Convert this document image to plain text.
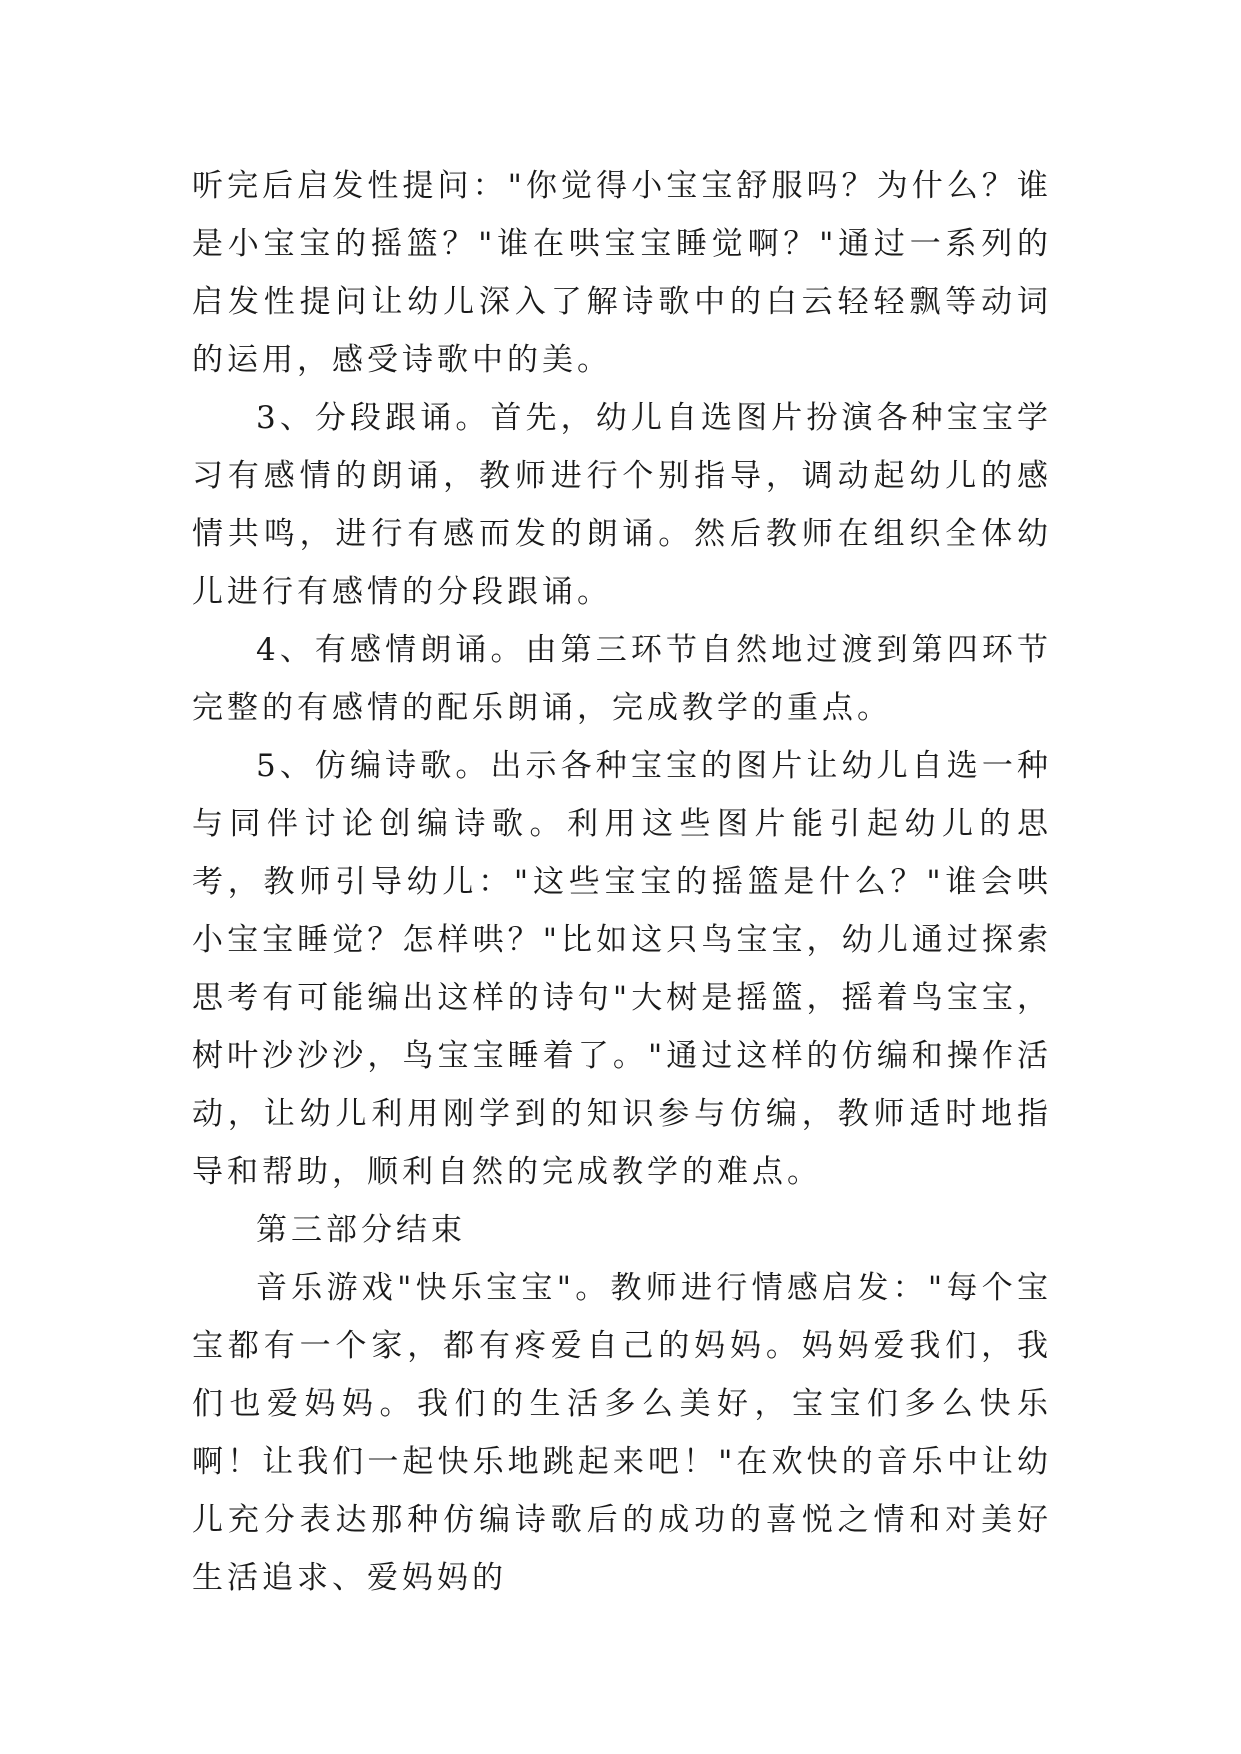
听完后启发性提问："你觉得小宝宝舒服吗？为什么？谁是小宝宝的摇篮？"谁在哄宝宝睡觉啊？"通过一系列的启发性提问让幼儿深入了解诗歌中的白云轻轻飘等动词的运用，感受诗歌中的美。

3、分段跟诵。首先，幼儿自选图片扮演各种宝宝学习有感情的朗诵，教师进行个别指导，调动起幼儿的感情共鸣，进行有感而发的朗诵。然后教师在组织全体幼儿进行有感情的分段跟诵。

4、有感情朗诵。由第三环节自然地过渡到第四环节完整的有感情的配乐朗诵，完成教学的重点。

5、仿编诗歌。出示各种宝宝的图片让幼儿自选一种与同伴讨论创编诗歌。利用这些图片能引起幼儿的思考，教师引导幼儿："这些宝宝的摇篮是什么？"谁会哄小宝宝睡觉？怎样哄？"比如这只鸟宝宝，幼儿通过探索思考有可能编出这样的诗句"大树是摇篮，摇着鸟宝宝，树叶沙沙沙，鸟宝宝睡着了。"通过这样的仿编和操作活动，让幼儿利用刚学到的知识参与仿编，教师适时地指导和帮助，顺利自然的完成教学的难点。

第三部分结束

音乐游戏"快乐宝宝"。教师进行情感启发："每个宝宝都有一个家，都有疼爱自己的妈妈。妈妈爱我们，我们也爱妈妈。我们的生活多么美好，宝宝们多么快乐啊！让我们一起快乐地跳起来吧！"在欢快的音乐中让幼儿充分表达那种仿编诗歌后的成功的喜悦之情和对美好生活追求、爱妈妈的
